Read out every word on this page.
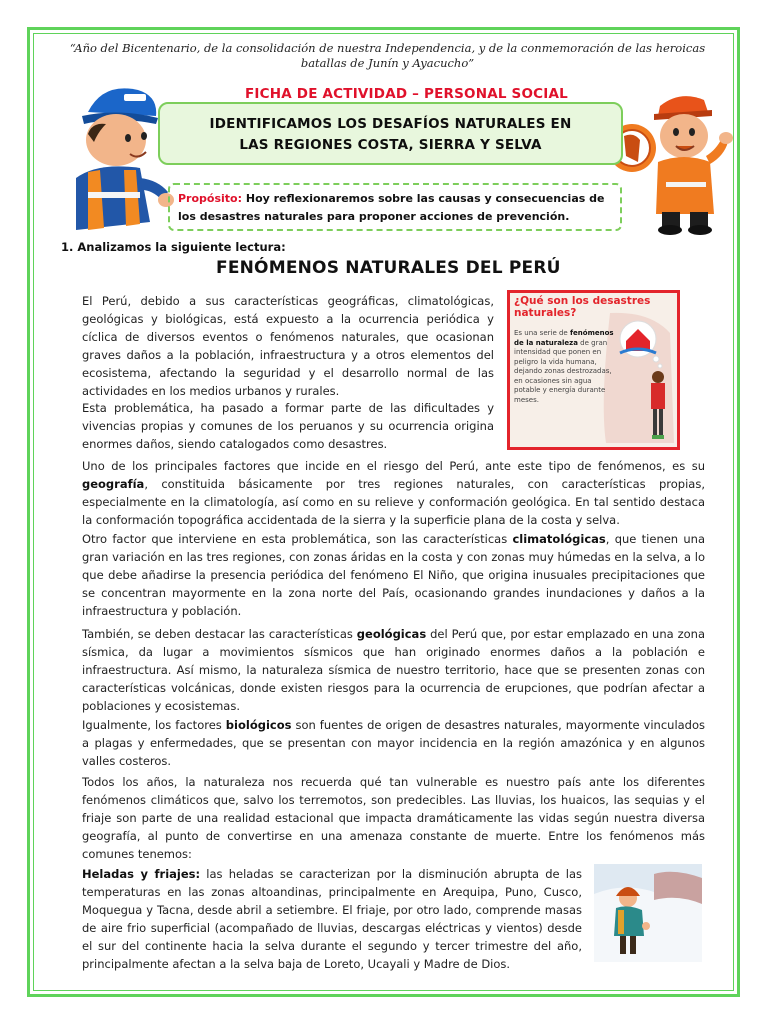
“Año del Bicentenario, de la consolidación de nuestra Independencia, y de la conmemoración de las heroicas batallas de Junín y Ayacucho”
FICHA DE ACTIVIDAD – PERSONAL SOCIAL
IDENTIFICAMOS LOS DESAFÍOS NATURALES EN
LAS REGIONES COSTA, SIERRA Y SELVA
Propósito: Hoy reflexionaremos sobre las causas y consecuencias de los desastres naturales para proponer acciones de prevención.
1. Analizamos la siguiente lectura:
FENÓMENOS NATURALES DEL PERÚ
El Perú, debido a sus características geográficas, climatológicas, geológicas y biológicas, está expuesto a la ocurrencia periódica y cíclica de diversos eventos o fenómenos naturales, que ocasionan graves daños a la población, infraestructura y a otros elementos del ecosistema, afectando la seguridad y el desarrollo normal de las actividades en los medios urbanos y rurales.
Esta problemática, ha pasado a formar parte de las dificultades y vivencias propias y comunes de los peruanos y su ocurrencia origina enormes daños, siendo catalogados como desastres.
¿Qué son los desastres naturales?
Es una serie de fenómenos de la naturaleza de gran intensidad que ponen en peligro la vida humana, dejando zonas destrozadas, en ocasiones sin agua potable y energía durante meses.
Uno de los principales factores que incide en el riesgo del Perú, ante este tipo de fenómenos, es su geografía, constituida básicamente por tres regiones naturales, con características propias, especialmente en la climatología, así como en su relieve y conformación geológica. En tal sentido destaca la conformación topográfica accidentada de la sierra y la superficie plana de la costa y selva.
Otro factor que interviene en esta problemática, son las características climatológicas, que tienen una gran variación en las tres regiones, con zonas áridas en la costa y con zonas muy húmedas en la selva, a lo que debe añadirse la presencia periódica del fenómeno El Niño, que origina inusuales precipitaciones que se concentran mayormente en la zona norte del País, ocasionando grandes inundaciones y daños a la infraestructura y población.
También, se deben destacar las características geológicas del Perú que, por estar emplazado en una zona sísmica, da lugar a movimientos sísmicos que han originado enormes daños a la población e infraestructura. Así mismo, la naturaleza sísmica de nuestro territorio, hace que se presenten zonas con características volcánicas, donde existen riesgos para la ocurrencia de erupciones, que podrían afectar a poblaciones y ecosistemas.
Igualmente, los factores biológicos son fuentes de origen de desastres naturales, mayormente vinculados a plagas y enfermedades, que se presentan con mayor incidencia en la región amazónica y en algunos valles costeros.
Todos los años, la naturaleza nos recuerda qué tan vulnerable es nuestro país ante los diferentes fenómenos climáticos que, salvo los terremotos, son predecibles. Las lluvias, los huaicos, las sequias y el friaje son parte de una realidad estacional que impacta dramáticamente las vidas según nuestra diversa geografía, al punto de convertirse en una amenaza constante de muerte. Entre los fenómenos más comunes tenemos:
Heladas y friajes: las heladas se caracterizan por la disminución abrupta de las temperaturas en las zonas altoandinas, principalmente en Arequipa, Puno, Cusco, Moquegua y Tacna, desde abril a setiembre. El friaje, por otro lado, comprende masas de aire frio superficial (acompañado de lluvias, descargas eléctricas y vientos) desde el sur del continente hacia la selva durante el segundo y tercer trimestre del año, principalmente afectan a la selva baja de Loreto, Ucayali y Madre de Dios.
